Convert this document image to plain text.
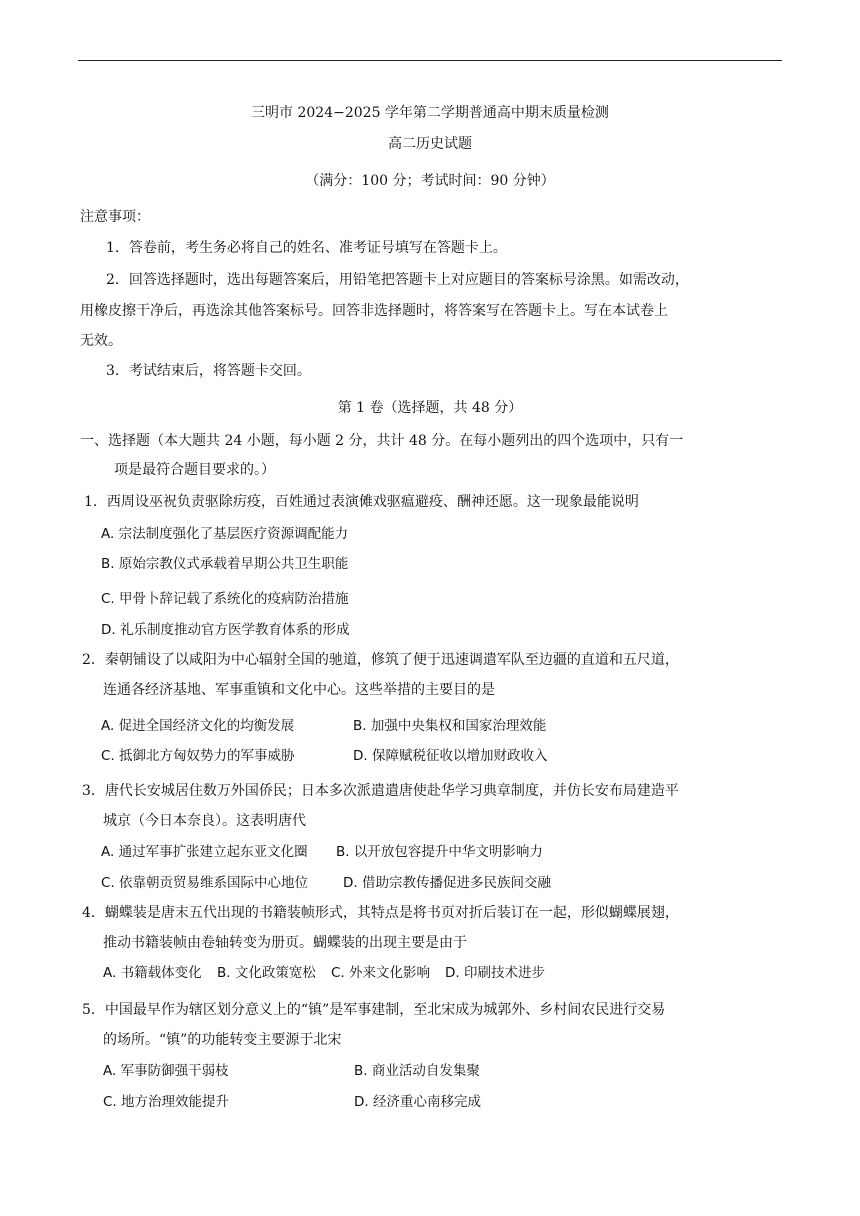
三明市 2024−2025 学年第二学期普通高中期末质量检测
高二历史试题
（满分：100 分；考试时间：90 分钟）
注意事项：
1．答卷前，考生务必将自己的姓名、准考证号填写在答题卡上。
2．回答选择题时，选出每题答案后，用铅笔把答题卡上对应题目的答案标号涂黑。如需改动，
用橡皮擦干净后，再选涂其他答案标号。回答非选择题时，将答案写在答题卡上。写在本试卷上
无效。
3．考试结束后，将答题卡交回。
第 1 卷（选择题，共 48 分）
一、选择题（本大题共 24 小题，每小题 2 分，共计 48 分。在每小题列出的四个选项中，只有一
项是最符合题目要求的。）
1．西周设巫祝负责驱除疠疫，百姓通过表演傩戏驱瘟避疫、酬神还愿。这一现象最能说明
A. 宗法制度强化了基层医疗资源调配能力
B. 原始宗教仪式承载着早期公共卫生职能
C. 甲骨卜辞记载了系统化的疫病防治措施
D. 礼乐制度推动官方医学教育体系的形成
2．秦朝铺设了以咸阳为中心辐射全国的驰道，修筑了便于迅速调遣军队至边疆的直道和五尺道，
连通各经济基地、军事重镇和文化中心。这些举措的主要目的是
A. 促进全国经济文化的均衡发展	B. 加强中央集权和国家治理效能
C. 抵御北方匈奴势力的军事威胁	D. 保障赋税征收以增加财政收入
3．唐代长安城居住数万外国侨民；日本多次派遣遣唐使赴华学习典章制度，并仿长安布局建造平
城京（今日本奈良）。这表明唐代
A. 通过军事扩张建立起东亚文化圈 B. 以开放包容提升中华文明影响力
C. 依靠朝贡贸易维系国际中心地位	D. 借助宗教传播促进多民族间交融
4．蝴蝶装是唐末五代出现的书籍装帧形式，其特点是将书页对折后装订在一起，形似蝴蝶展翅，
推动书籍装帧由卷轴转变为册页。蝴蝶装的出现主要是由于
A. 书籍载体变化 B. 文化政策宽松 C. 外来文化影响 D. 印刷技术进步
5．中国最早作为辖区划分意义上的“镇”是军事建制，至北宋成为城郭外、乡村间农民进行交易
的场所。“镇”的功能转变主要源于北宋
A. 军事防御强干弱枝	B. 商业活动自发集聚
C. 地方治理效能提升	D. 经济重心南移完成
